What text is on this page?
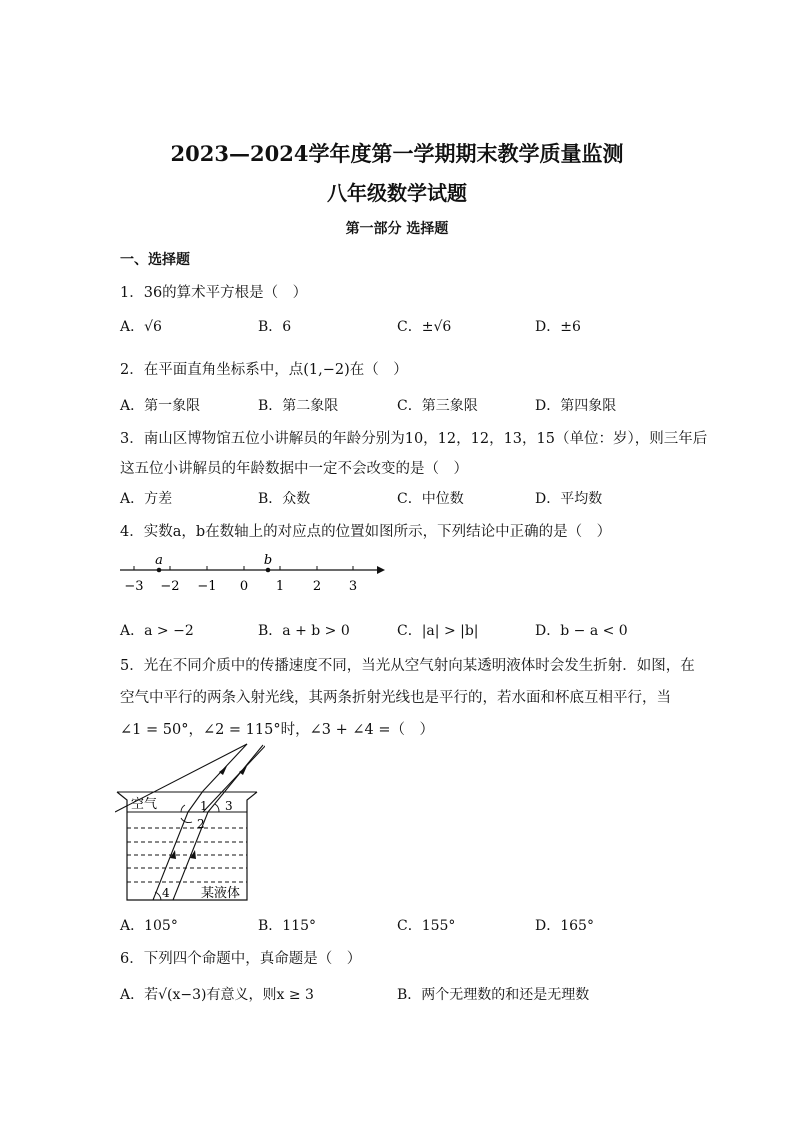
2023—2024学年度第一学期期末教学质量监测
八年级数学试题
第一部分 选择题
一、选择题
1．36的算术平方根是（　）
A．√6	B．6	C．±√6	D．±6
2．在平面直角坐标系中，点(1,−2)在（　）
A．第一象限	B．第二象限	C．第三象限	D．第四象限
3．南山区博物馆五位小讲解员的年龄分别为10，12，12，13，15（单位：岁），则三年后
这五位小讲解员的年龄数据中一定不会改变的是（　）
A．方差	B．众数	C．中位数	D．平均数
4．实数a，b在数轴上的对应点的位置如图所示，下列结论中正确的是（　）
−3 −2 −1 0 1 2 3
a	b
A．a > −2	B．a + b > 0	C．|a| > |b|	D．b − a < 0
5．光在不同介质中的传播速度不同，当光从空气射向某透明液体时会发生折射．如图，在
空气中平行的两条入射光线，其两条折射光线也是平行的，若水面和杯底互相平行，当
∠1 = 50°，∠2 = 115°时，∠3 + ∠4 =（　）
空气	1
2
3
4 某液体
A．105°	B．115°	C．155°	D．165°
6．下列四个命题中，真命题是（　）
A．若√(x−3)有意义，则x ≥ 3	B．两个无理数的和还是无理数
